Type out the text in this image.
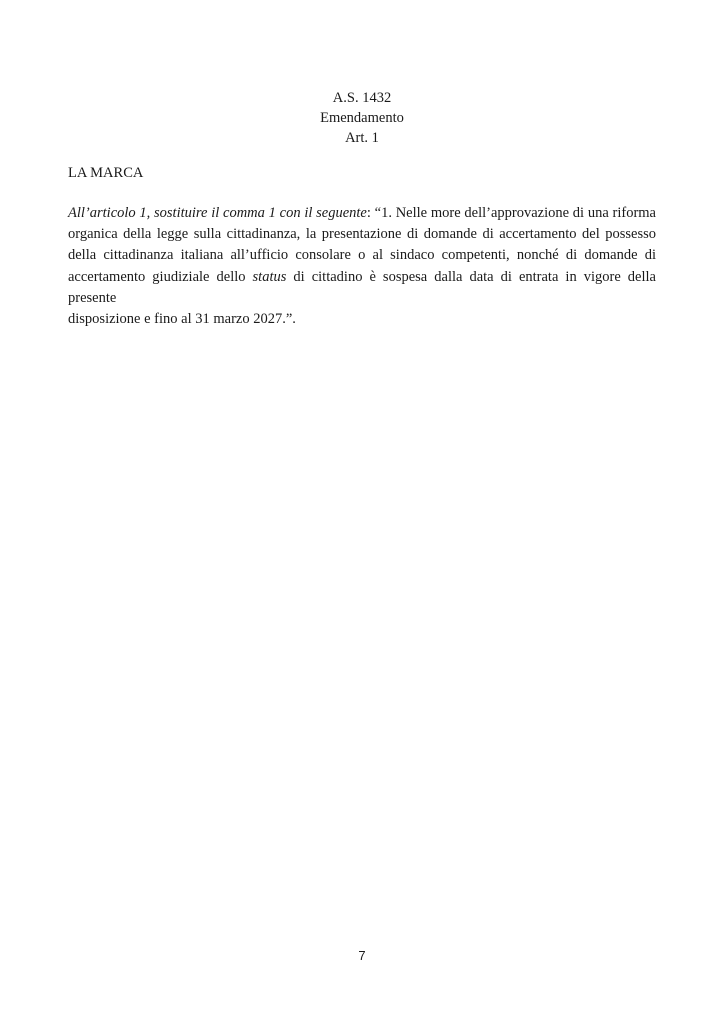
A.S. 1432
Emendamento
Art. 1
LA MARCA
All’articolo 1, sostituire il comma 1 con il seguente: “1. Nelle more dell’approvazione di una riforma
organica della legge sulla cittadinanza, la presentazione di domande di accertamento del possesso
della cittadinanza italiana all’ufficio consolare o al sindaco competenti, nonché di domande di
accertamento giudiziale dello status di cittadino è sospesa dalla data di entrata in vigore della presente
disposizione e fino al 31 marzo 2027.”.
7
